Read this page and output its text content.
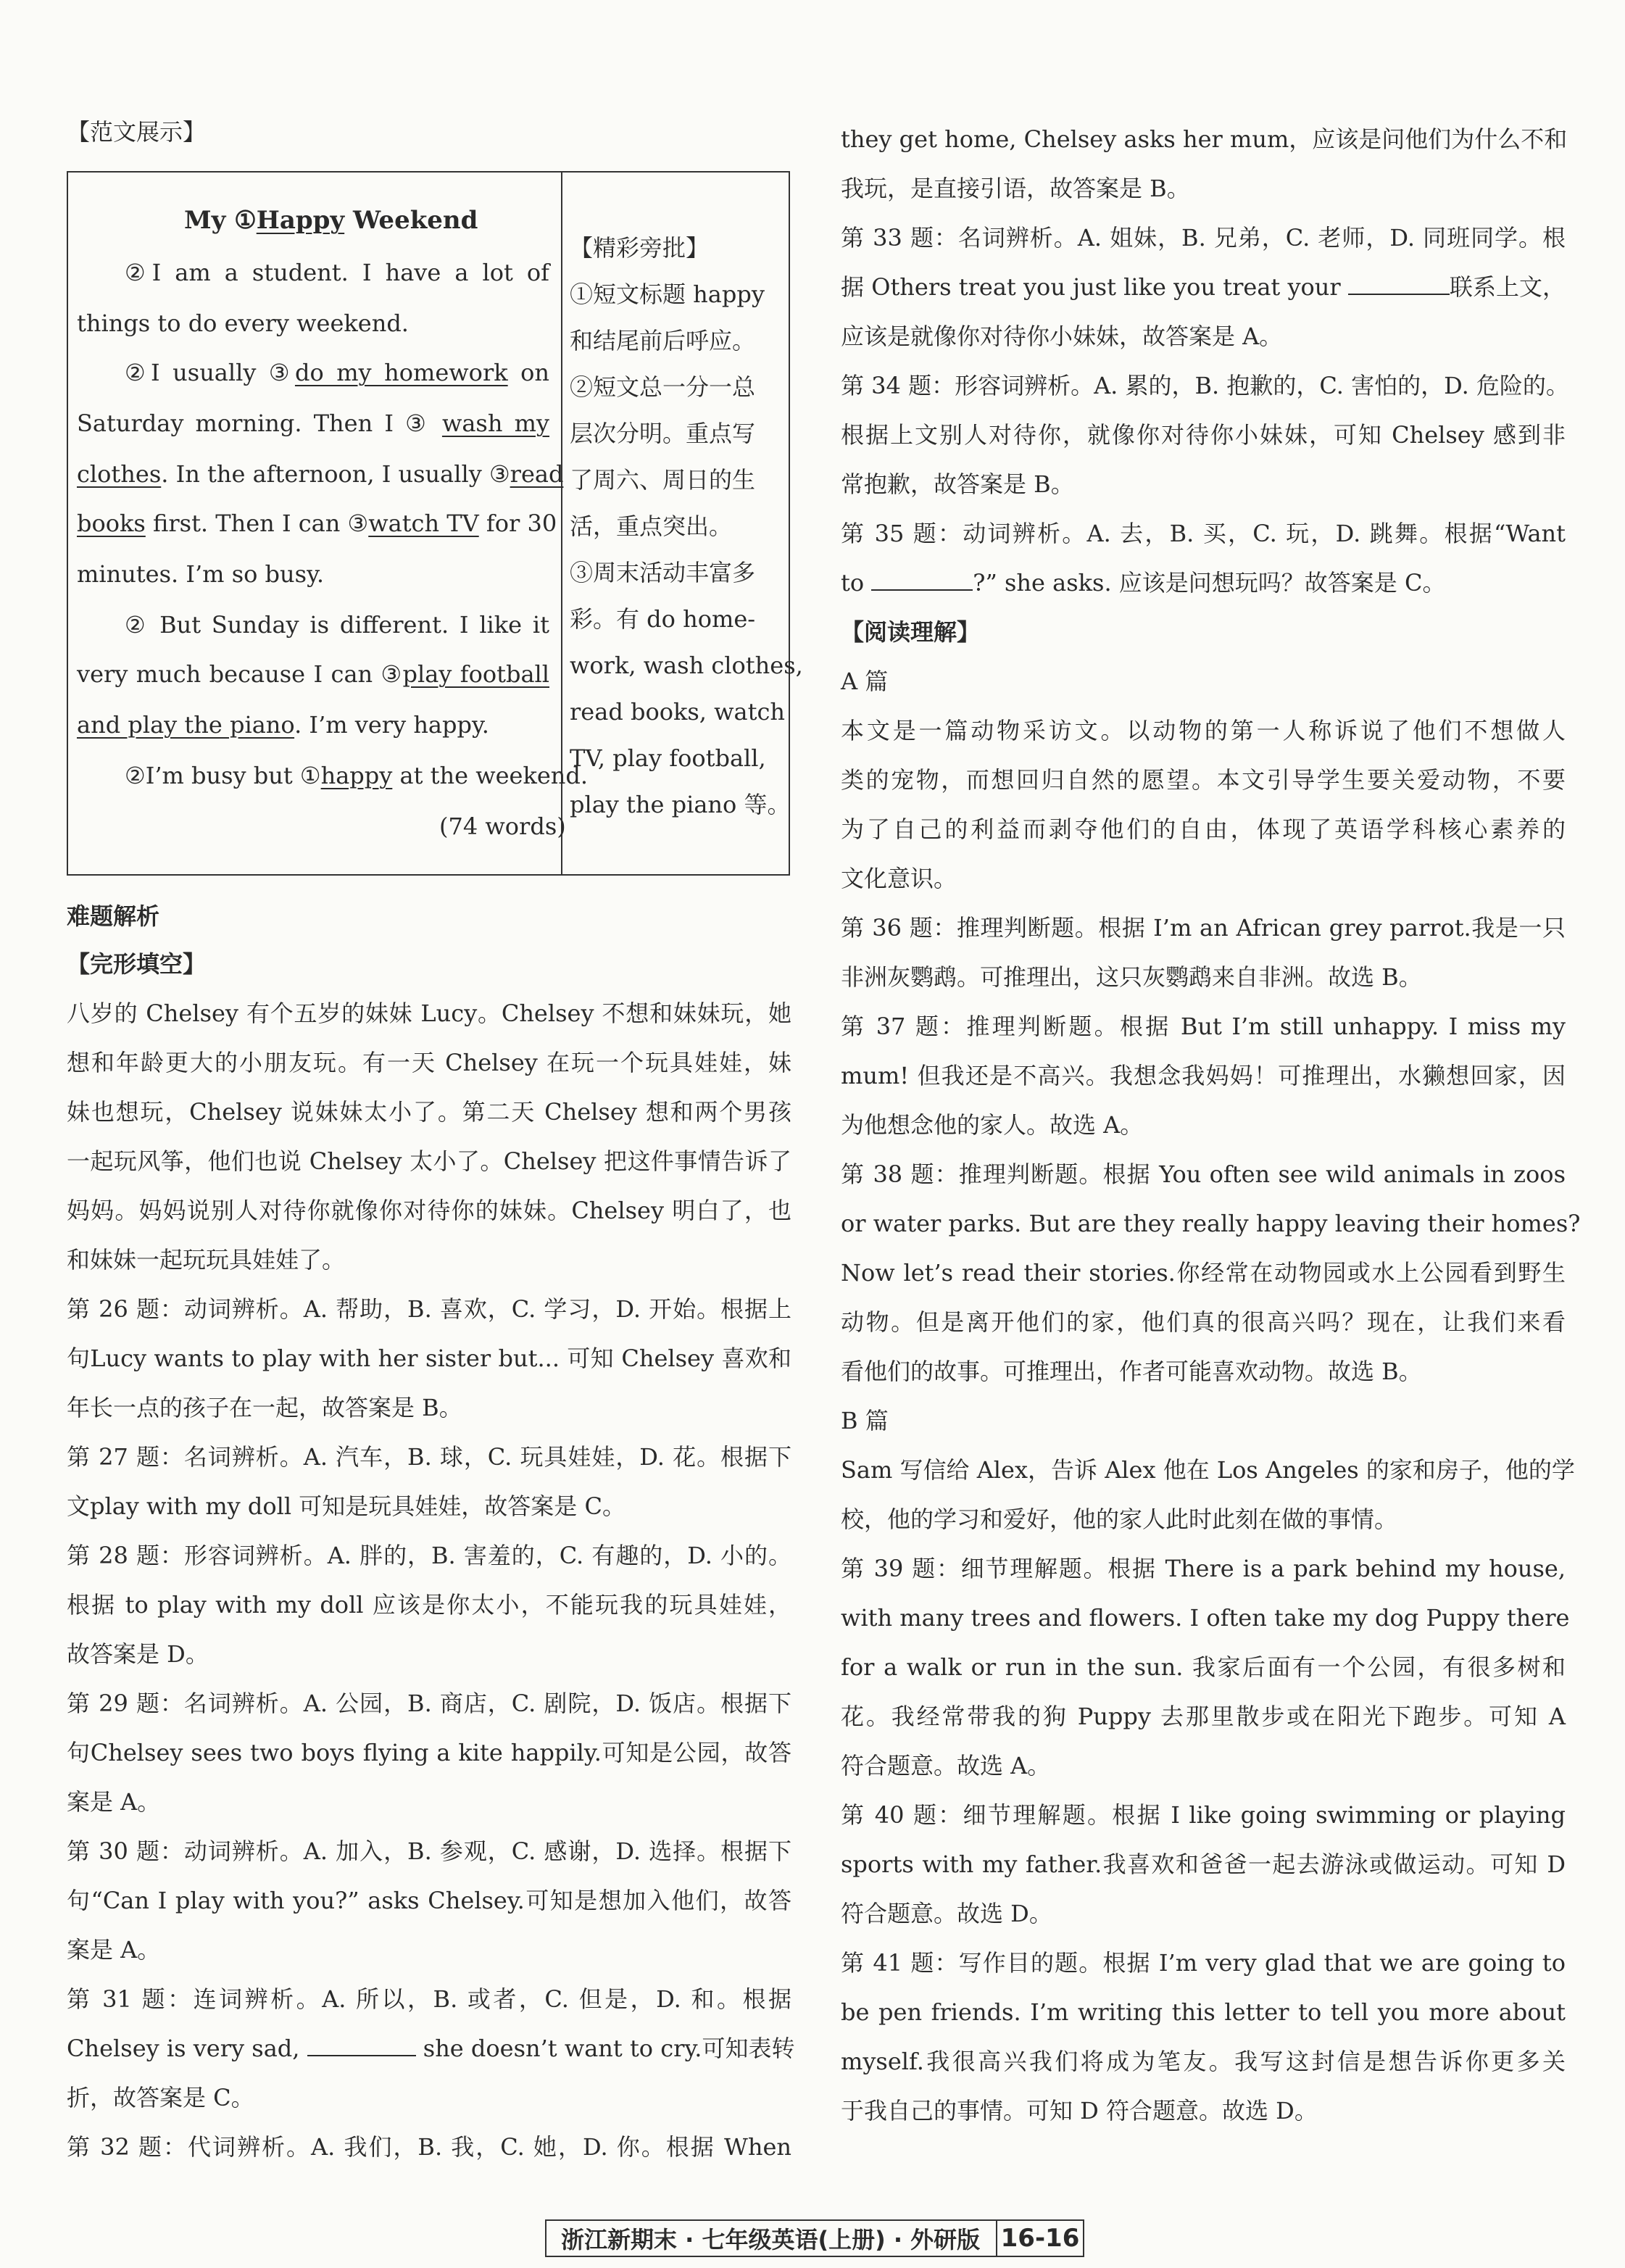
My ①Happy Weekend
②I am a student. I have a lot of
things to do every weekend.
②I usually ③do my homework on
Saturday morning. Then I ③ wash my
clothes. In the afternoon, I usually ③read
books first. Then I can ③watch TV for 30
minutes. I’m so busy.
② But Sunday is different. I like it
very much because I can ③play football
and play the piano. I’m very happy.
②I’m busy but ①happy at the weekend.
(74 words)
【精彩旁批】
①短文标题 happy
和结尾前后呼应。
②短文总一分一总
层次分明。重点写
了周六、周日的生
活，重点突出。
③周末活动丰富多
彩。有 do home-
work, wash clothes,
read books, watch
TV, play football,
play the piano 等。
【范文展示】
难题解析
【完形填空】
八岁的 Chelsey 有个五岁的妹妹 Lucy。Chelsey 不想和妹妹玩，她
想和年龄更大的小朋友玩。有一天 Chelsey 在玩一个玩具娃娃，妹
妹也想玩，Chelsey 说妹妹太小了。第二天 Chelsey 想和两个男孩
一起玩风筝，他们也说 Chelsey 太小了。Chelsey 把这件事情告诉了
妈妈。妈妈说别人对待你就像你对待你的妹妹。Chelsey 明白了，也
和妹妹一起玩玩具娃娃了。
第 26 题：动词辨析。A. 帮助，B. 喜欢，C. 学习，D. 开始。根据上
句Lucy wants to play with her sister but... 可知 Chelsey 喜欢和
年长一点的孩子在一起，故答案是 B。
第 27 题：名词辨析。A. 汽车，B. 球，C. 玩具娃娃，D. 花。根据下
文play with my doll 可知是玩具娃娃，故答案是 C。
第 28 题：形容词辨析。A. 胖的，B. 害羞的，C. 有趣的，D. 小的。
根据 to play with my doll 应该是你太小，不能玩我的玩具娃娃，
故答案是 D。
第 29 题：名词辨析。A. 公园，B. 商店，C. 剧院，D. 饭店。根据下
句Chelsey sees two boys flying a kite happily.可知是公园，故答
案是 A。
第 30 题：动词辨析。A. 加入，B. 参观，C. 感谢，D. 选择。根据下
句“Can I play with you?” asks Chelsey.可知是想加入他们，故答
案是 A。
第 31 题：连词辨析。A. 所以，B. 或者，C. 但是，D. 和。根据
Chelsey is very sad,	she doesn’t want to cry.可知表转
折，故答案是 C。
第 32 题：代词辨析。A. 我们，B. 我，C. 她，D. 你。根据 When
they get home, Chelsey asks her mum，应该是问他们为什么不和
我玩，是直接引语，故答案是 B。
第 33 题：名词辨析。A. 姐妹，B. 兄弟，C. 老师，D. 同班同学。根
据 Others treat you just like you treat your	联系上文，
应该是就像你对待你小妹妹，故答案是 A。
第 34 题：形容词辨析。A. 累的，B. 抱歉的，C. 害怕的，D. 危险的。
根据上文别人对待你，就像你对待你小妹妹，可知 Chelsey 感到非
常抱歉，故答案是 B。
第 35 题：动词辨析。A. 去，B. 买，C. 玩，D. 跳舞。根据“Want
to	?” she asks. 应该是问想玩吗？故答案是 C。
【阅读理解】
A 篇
本文是一篇动物采访文。以动物的第一人称诉说了他们不想做人
类的宠物，而想回归自然的愿望。本文引导学生要关爱动物，不要
为了自己的利益而剥夺他们的自由，体现了英语学科核心素养的
文化意识。
第 36 题：推理判断题。根据 I’m an African grey parrot.我是一只
非洲灰鹦鹉。可推理出，这只灰鹦鹉来自非洲。故选 B。
第 37 题：推理判断题。根据 But I’m still unhappy. I miss my
mum! 但我还是不高兴。我想念我妈妈！可推理出，水獭想回家，因
为他想念他的家人。故选 A。
第 38 题：推理判断题。根据 You often see wild animals in zoos
or water parks. But are they really happy leaving their homes?
Now let’s read their stories.你经常在动物园或水上公园看到野生
动物。但是离开他们的家，他们真的很高兴吗？现在，让我们来看
看他们的故事。可推理出，作者可能喜欢动物。故选 B。
B 篇
Sam 写信给 Alex，告诉 Alex 他在 Los Angeles 的家和房子，他的学
校，他的学习和爱好，他的家人此时此刻在做的事情。
第 39 题：细节理解题。根据 There is a park behind my house,
with many trees and flowers. I often take my dog Puppy there
for a walk or run in the sun. 我家后面有一个公园，有很多树和
花。我经常带我的狗 Puppy 去那里散步或在阳光下跑步。可知 A
符合题意。故选 A。
第 40 题：细节理解题。根据 I like going swimming or playing
sports with my father.我喜欢和爸爸一起去游泳或做运动。可知 D
符合题意。故选 D。
第 41 题：写作目的题。根据 I’m very glad that we are going to
be pen friends. I’m writing this letter to tell you more about
myself.我很高兴我们将成为笔友。我写这封信是想告诉你更多关
于我自己的事情。可知 D 符合题意。故选 D。
浙江新期末 · 七年级英语(上册) · 外研版 16-16
